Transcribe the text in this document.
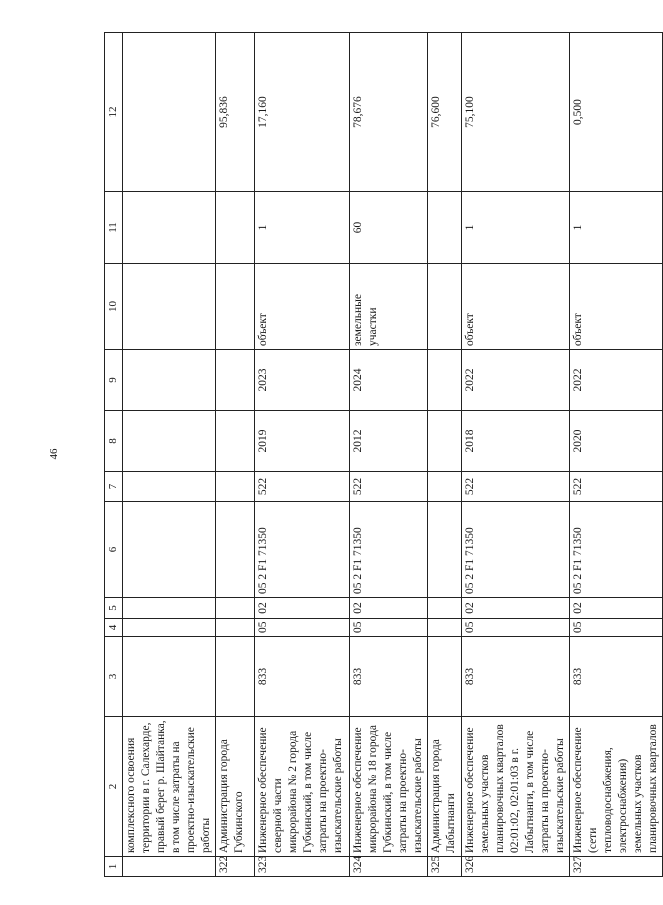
46
1	2	3	4	5	6	7	8	9	10	11	12
	комплексного освоения территории в г. Салехарде, правый берег р. Шайтанка, в том числе затраты на проектно-изыскательские работы										
322	Администрация города Губкинского										95,836
323	Инженерное обеспечение северной части микрорайона № 2 города Губкинский, в том числе затраты на проектно-изыскательские работы	833	05	02	05 2 F1 71350	522	2019	2023	объект	1	17,160
324	Инженерное обеспечение микрорайона № 18 города Губкинский, в том числе затраты на проектно-изыскательские работы	833	05	02	05 2 F1 71350	522	2012	2024	земельные участки	60	78,676
325	Администрация города Лабытнанги										76,600
326	Инженерное обеспечение земельных участков планировочных кварталов 02:01:02, 02:01:03 в г. Лабытнанги, в том числе затраты на проектно-изыскательские работы	833	05	02	05 2 F1 71350	522	2018	2022	объект	1	75,100
327	Инженерное обеспечение (сети тепловодоснабжения, электроснабжения) земельных участков планировочных кварталов	833	05	02	05 2 F1 71350	522	2020	2022	объект	1	0,500
